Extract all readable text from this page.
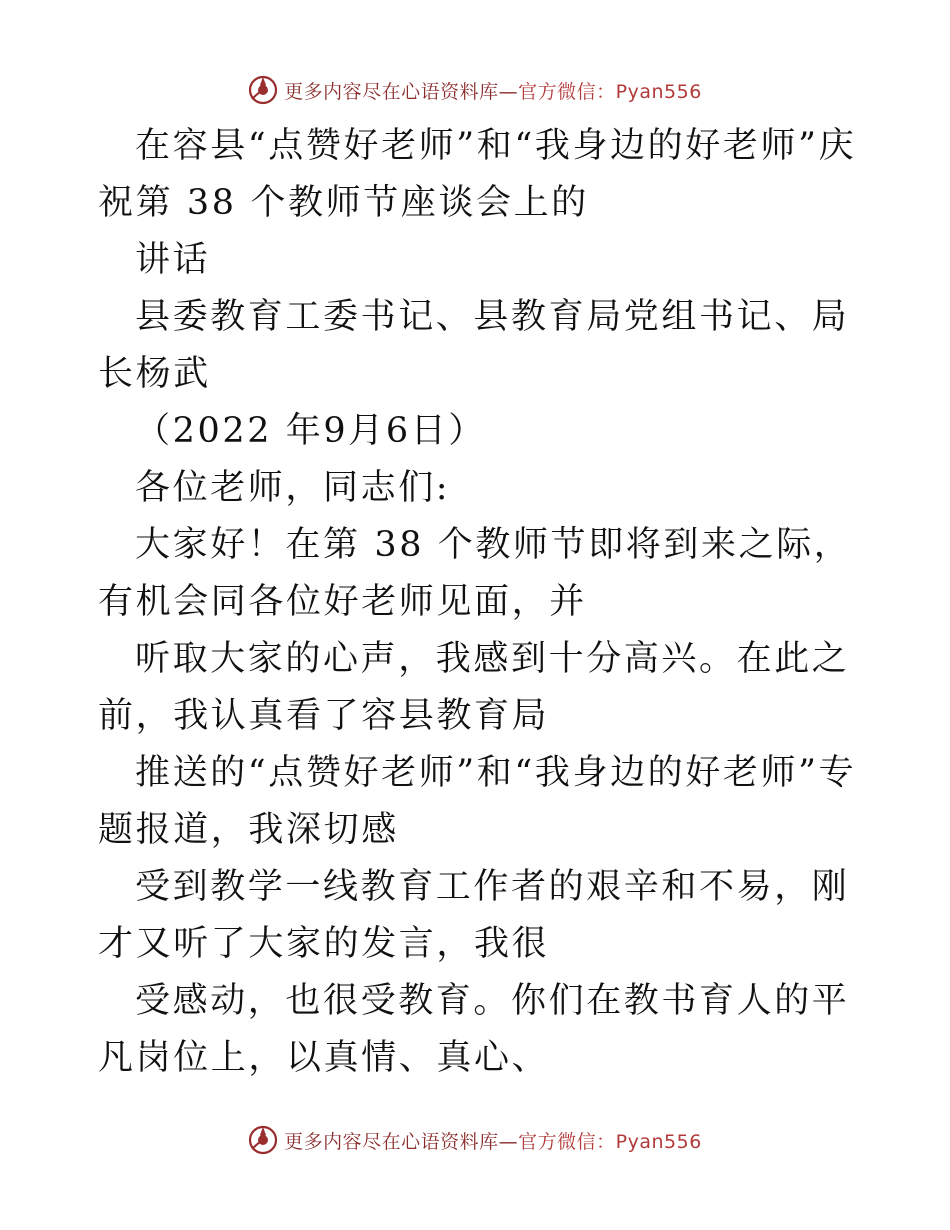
更多内容尽在心语资料库—官方微信：Pyan556

在容县“点赞好老师”和“我身边的好老师”庆祝第 38 个教师节座谈会上的

讲话

县委教育工委书记、县教育局党组书记、局长杨武

（2022 年9月6日）

各位老师，同志们:

大家好！在第 38 个教师节即将到来之际，有机会同各位好老师见面，并

听取大家的心声，我感到十分高兴。在此之前，我认真看了容县教育局

推送的“点赞好老师”和“我身边的好老师”专题报道，我深切感

受到教学一线教育工作者的艰辛和不易，刚才又听了大家的发言，我很

受感动，也很受教育。你们在教书育人的平凡岗位上，以真情、真心、

更多内容尽在心语资料库—官方微信：Pyan556
